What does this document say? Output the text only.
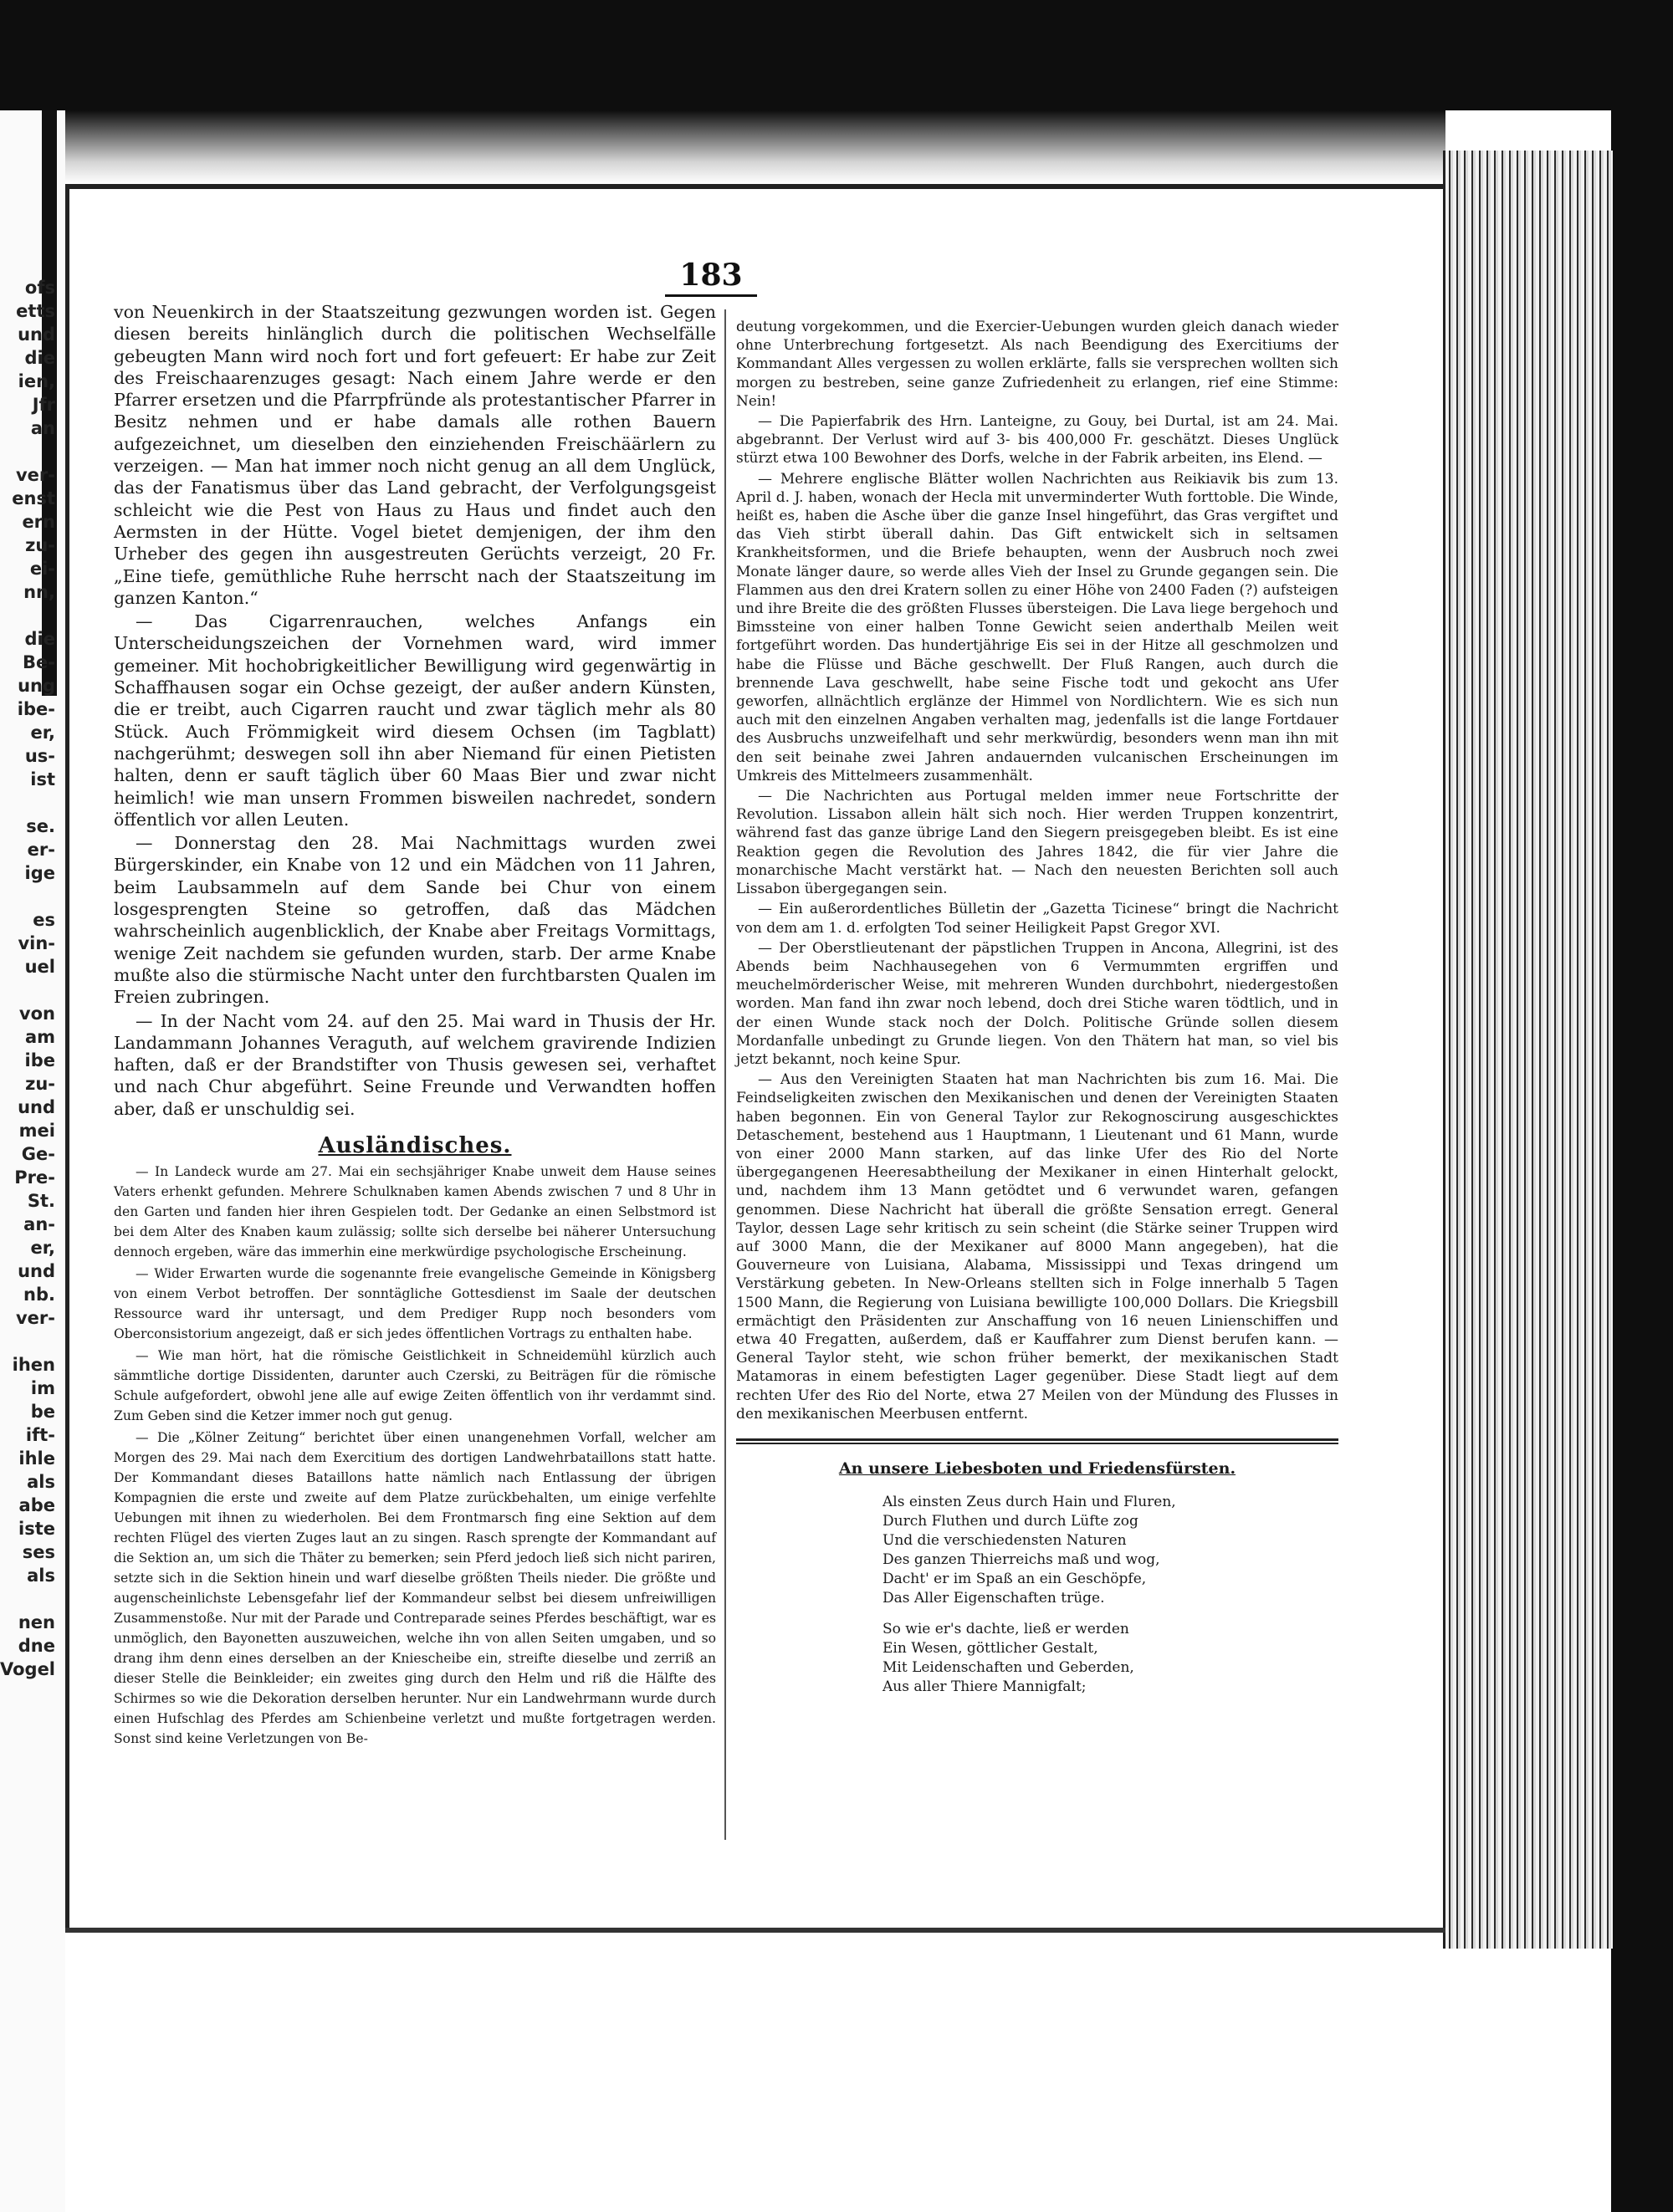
ofs
etts
und
die
ien,
Jfr
an
ver-
enst
ern
zu-
ei-
nn,
die
Be-
ung
ibe-
er,
us-
ist
se.
er-
ige
es
vin-
uel
von
am
ibe
zu-
und
mei
Ge-
Pre-
St.
an-
er,
und
nb.
ver-
ihen
im
be
ift-
ihle
als
abe
iste
ses
als
nen
dne
Vogel
183

von Neuenkirch in der Staatszeitung gezwungen worden ist. Gegen diesen bereits hinlänglich durch die politischen Wechselfälle gebeugten Mann wird noch fort und fort gefeuert: Er habe zur Zeit des Freischaarenzuges gesagt: Nach einem Jahre werde er den Pfarrer ersetzen und die Pfarrpfründe als protestantischer Pfarrer in Besitz nehmen und er habe damals alle rothen Bauern aufgezeichnet, um dieselben den einziehenden Freischäärlern zu verzeigen. — Man hat immer noch nicht genug an all dem Unglück, das der Fanatismus über das Land gebracht, der Verfolgungsgeist schleicht wie die Pest von Haus zu Haus und findet auch den Aermsten in der Hütte. Vogel bietet demjenigen, der ihm den Urheber des gegen ihn ausgestreuten Gerüchts verzeigt, 20 Fr. „Eine tiefe, gemüthliche Ruhe herrscht nach der Staatszeitung im ganzen Kanton.“

— Das Cigarrenrauchen, welches Anfangs ein Unterscheidungszeichen der Vornehmen ward, wird immer gemeiner. Mit hochobrigkeitlicher Bewilligung wird gegenwärtig in Schaffhausen sogar ein Ochse gezeigt, der außer andern Künsten, die er treibt, auch Cigarren raucht und zwar täglich mehr als 80 Stück. Auch Frömmigkeit wird diesem Ochsen (im Tagblatt) nachgerühmt; deswegen soll ihn aber Niemand für einen Pietisten halten, denn er sauft täglich über 60 Maas Bier und zwar nicht heimlich! wie man unsern Frommen bisweilen nachredet, sondern öffentlich vor allen Leuten.

— Donnerstag den 28. Mai Nachmittags wurden zwei Bürgerskinder, ein Knabe von 12 und ein Mädchen von 11 Jahren, beim Laubsammeln auf dem Sande bei Chur von einem losgesprengten Steine so getroffen, daß das Mädchen wahrscheinlich augenblicklich, der Knabe aber Freitags Vormittags, wenige Zeit nachdem sie gefunden wurden, starb. Der arme Knabe mußte also die stürmische Nacht unter den furchtbarsten Qualen im Freien zubringen.

— In der Nacht vom 24. auf den 25. Mai ward in Thusis der Hr. Landammann Johannes Veraguth, auf welchem gravirende Indizien haften, daß er der Brandstifter von Thusis gewesen sei, verhaftet und nach Chur abgeführt. Seine Freunde und Verwandten hoffen aber, daß er unschuldig sei.

Ausländisches.

— In Landeck wurde am 27. Mai ein sechsjähriger Knabe unweit dem Hause seines Vaters erhenkt gefunden. Mehrere Schulknaben kamen Abends zwischen 7 und 8 Uhr in den Garten und fanden hier ihren Gespielen todt. Der Gedanke an einen Selbstmord ist bei dem Alter des Knaben kaum zulässig; sollte sich derselbe bei näherer Untersuchung dennoch ergeben, wäre das immerhin eine merkwürdige psychologische Erscheinung.

— Wider Erwarten wurde die sogenannte freie evangelische Gemeinde in Königsberg von einem Verbot betroffen. Der sonntägliche Gottesdienst im Saale der deutschen Ressource ward ihr untersagt, und dem Prediger Rupp noch besonders vom Oberconsistorium angezeigt, daß er sich jedes öffentlichen Vortrags zu enthalten habe.

— Wie man hört, hat die römische Geistlichkeit in Schneidemühl kürzlich auch sämmtliche dortige Dissidenten, darunter auch Czerski, zu Beiträgen für die römische Schule aufgefordert, obwohl jene alle auf ewige Zeiten öffentlich von ihr verdammt sind. Zum Geben sind die Ketzer immer noch gut genug.

— Die „Kölner Zeitung“ berichtet über einen unangenehmen Vorfall, welcher am Morgen des 29. Mai nach dem Exercitium des dortigen Landwehrbataillons statt hatte. Der Kommandant dieses Bataillons hatte nämlich nach Entlassung der übrigen Kompagnien die erste und zweite auf dem Platze zurückbehalten, um einige verfehlte Uebungen mit ihnen zu wiederholen. Bei dem Frontmarsch fing eine Sektion auf dem rechten Flügel des vierten Zuges laut an zu singen. Rasch sprengte der Kommandant auf die Sektion an, um sich die Thäter zu bemerken; sein Pferd jedoch ließ sich nicht pariren, setzte sich in die Sektion hinein und warf dieselbe größten Theils nieder. Die größte und augenscheinlichste Lebensgefahr lief der Kommandeur selbst bei diesem unfreiwilligen Zusammenstoße. Nur mit der Parade und Contreparade seines Pferdes beschäftigt, war es unmöglich, den Bayonetten auszuweichen, welche ihn von allen Seiten umgaben, und so drang ihm denn eines derselben an der Kniescheibe ein, streifte dieselbe und zerriß an dieser Stelle die Beinkleider; ein zweites ging durch den Helm und riß die Hälfte des Schirmes so wie die Dekoration derselben herunter. Nur ein Landwehrmann wurde durch einen Hufschlag des Pferdes am Schienbeine verletzt und mußte fortgetragen werden. Sonst sind keine Verletzungen von Be-

deutung vorgekommen, und die Exercier-Uebungen wurden gleich danach wieder ohne Unterbrechung fortgesetzt. Als nach Beendigung des Exercitiums der Kommandant Alles vergessen zu wollen erklärte, falls sie versprechen wollten sich morgen zu bestreben, seine ganze Zufriedenheit zu erlangen, rief eine Stimme: Nein!

— Die Papierfabrik des Hrn. Lanteigne, zu Gouy, bei Durtal, ist am 24. Mai. abgebrannt. Der Verlust wird auf 3- bis 400,000 Fr. geschätzt. Dieses Unglück stürzt etwa 100 Bewohner des Dorfs, welche in der Fabrik arbeiten, ins Elend. —

— Mehrere englische Blätter wollen Nachrichten aus Reikiavik bis zum 13. April d. J. haben, wonach der Hecla mit unverminderter Wuth forttoble. Die Winde, heißt es, haben die Asche über die ganze Insel hingeführt, das Gras vergiftet und das Vieh stirbt überall dahin. Das Gift entwickelt sich in seltsamen Krankheitsformen, und die Briefe behaupten, wenn der Ausbruch noch zwei Monate länger daure, so werde alles Vieh der Insel zu Grunde gegangen sein. Die Flammen aus den drei Kratern sollen zu einer Höhe von 2400 Faden (?) aufsteigen und ihre Breite die des größten Flusses übersteigen. Die Lava liege bergehoch und Bimssteine von einer halben Tonne Gewicht seien anderthalb Meilen weit fortgeführt worden. Das hundertjährige Eis sei in der Hitze all geschmolzen und habe die Flüsse und Bäche geschwellt. Der Fluß Rangen, auch durch die brennende Lava geschwellt, habe seine Fische todt und gekocht ans Ufer geworfen, allnächtlich erglänze der Himmel von Nordlichtern. Wie es sich nun auch mit den einzelnen Angaben verhalten mag, jedenfalls ist die lange Fortdauer des Ausbruchs unzweifelhaft und sehr merkwürdig, besonders wenn man ihn mit den seit beinahe zwei Jahren andauernden vulcanischen Erscheinungen im Umkreis des Mittelmeers zusammenhält.

— Die Nachrichten aus Portugal melden immer neue Fortschritte der Revolution. Lissabon allein hält sich noch. Hier werden Truppen konzentrirt, während fast das ganze übrige Land den Siegern preisgegeben bleibt. Es ist eine Reaktion gegen die Revolution des Jahres 1842, die für vier Jahre die monarchische Macht verstärkt hat. — Nach den neuesten Berichten soll auch Lissabon übergegangen sein.

— Ein außerordentliches Bülletin der „Gazetta Ticinese“ bringt die Nachricht von dem am 1. d. erfolgten Tod seiner Heiligkeit Papst Gregor XVI.

— Der Oberstlieutenant der päpstlichen Truppen in Ancona, Allegrini, ist des Abends beim Nachhausegehen von 6 Vermummten ergriffen und meuchelmörderischer Weise, mit mehreren Wunden durchbohrt, niedergestoßen worden. Man fand ihn zwar noch lebend, doch drei Stiche waren tödtlich, und in der einen Wunde stack noch der Dolch. Politische Gründe sollen diesem Mordanfalle unbedingt zu Grunde liegen. Von den Thätern hat man, so viel bis jetzt bekannt, noch keine Spur.

— Aus den Vereinigten Staaten hat man Nachrichten bis zum 16. Mai. Die Feindseligkeiten zwischen den Mexikanischen und denen der Vereinigten Staaten haben begonnen. Ein von General Taylor zur Rekognoscirung ausgeschicktes Detaschement, bestehend aus 1 Hauptmann, 1 Lieutenant und 61 Mann, wurde von einer 2000 Mann starken, auf das linke Ufer des Rio del Norte übergegangenen Heeresabtheilung der Mexikaner in einen Hinterhalt gelockt, und, nachdem ihm 13 Mann getödtet und 6 verwundet waren, gefangen genommen. Diese Nachricht hat überall die größte Sensation erregt. General Taylor, dessen Lage sehr kritisch zu sein scheint (die Stärke seiner Truppen wird auf 3000 Mann, die der Mexikaner auf 8000 Mann angegeben), hat die Gouverneure von Luisiana, Alabama, Mississippi und Texas dringend um Verstärkung gebeten. In New-Orleans stellten sich in Folge innerhalb 5 Tagen 1500 Mann, die Regierung von Luisiana bewilligte 100,000 Dollars. Die Kriegsbill ermächtigt den Präsidenten zur Anschaffung von 16 neuen Linienschiffen und etwa 40 Fregatten, außerdem, daß er Kauffahrer zum Dienst berufen kann. — General Taylor steht, wie schon früher bemerkt, der mexikanischen Stadt Matamoras in einem befestigten Lager gegenüber. Diese Stadt liegt auf dem rechten Ufer des Rio del Norte, etwa 27 Meilen von der Mündung des Flusses in den mexikanischen Meerbusen entfernt.

An unsere Liebesboten und Friedensfürsten.
Als einsten Zeus durch Hain und Fluren,
Durch Fluthen und durch Lüfte zog
Und die verschiedensten Naturen
Des ganzen Thierreichs maß und wog,
Dacht' er im Spaß an ein Geschöpfe,
Das Aller Eigenschaften trüge.
So wie er's dachte, ließ er werden
Ein Wesen, göttlicher Gestalt,
Mit Leidenschaften und Geberden,
Aus aller Thiere Mannigfalt;
